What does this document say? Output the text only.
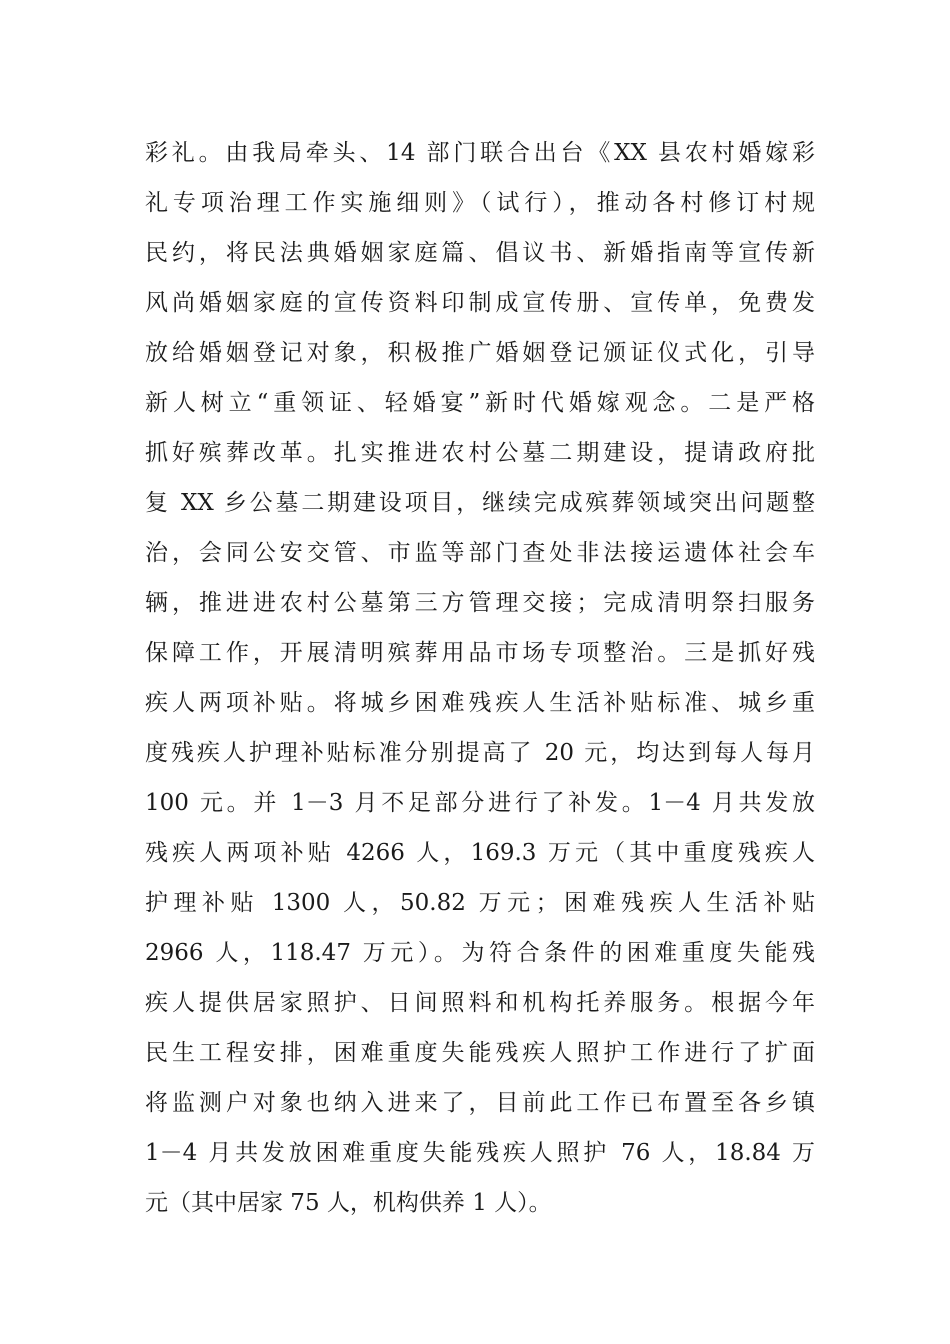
彩礼。由我局牵头、14 部门联合出台《XX 县农村婚嫁彩
礼专项治理工作实施细则》（试行），推动各村修订村规
民约，将民法典婚姻家庭篇、倡议书、新婚指南等宣传新
风尚婚姻家庭的宣传资料印制成宣传册、宣传单，免费发
放给婚姻登记对象，积极推广婚姻登记颁证仪式化，引导
新人树立“重领证、轻婚宴”新时代婚嫁观念。二是严格
抓好殡葬改革。扎实推进农村公墓二期建设，提请政府批
复 XX 乡公墓二期建设项目，继续完成殡葬领域突出问题整
治，会同公安交管、市监等部门查处非法接运遗体社会车
辆，推进进农村公墓第三方管理交接；完成清明祭扫服务
保障工作，开展清明殡葬用品市场专项整治。三是抓好残
疾人两项补贴。将城乡困难残疾人生活补贴标准、城乡重
度残疾人护理补贴标准分别提高了 20 元，均达到每人每月
100 元。并 1－3 月不足部分进行了补发。1－4 月共发放
残疾人两项补贴 4266 人，169.3 万元（其中重度残疾人
护理补贴 1300 人，50.82 万元；困难残疾人生活补贴
2966 人，118.47 万元）。为符合条件的困难重度失能残
疾人提供居家照护、日间照料和机构托养服务。根据今年
民生工程安排，困难重度失能残疾人照护工作进行了扩面
将监测户对象也纳入进来了，目前此工作已布置至各乡镇
1－4 月共发放困难重度失能残疾人照护 76 人，18.84 万
元（其中居家 75 人，机构供养 1 人）。
